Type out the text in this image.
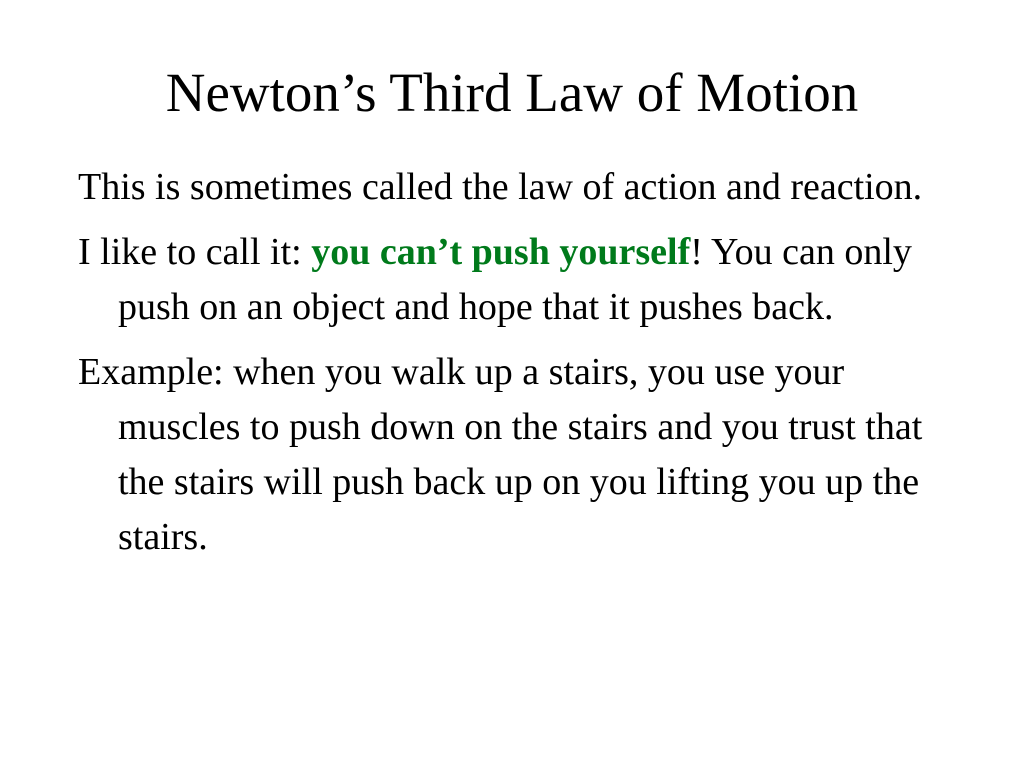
Newton’s Third Law of Motion

This is sometimes called the law of action and reaction.

I like to call it: you can’t push yourself! You can only push on an object and hope that it pushes back.

Example: when you walk up a stairs, you use your muscles to push down on the stairs and you trust that the stairs will push back up on you lifting you up the stairs.
